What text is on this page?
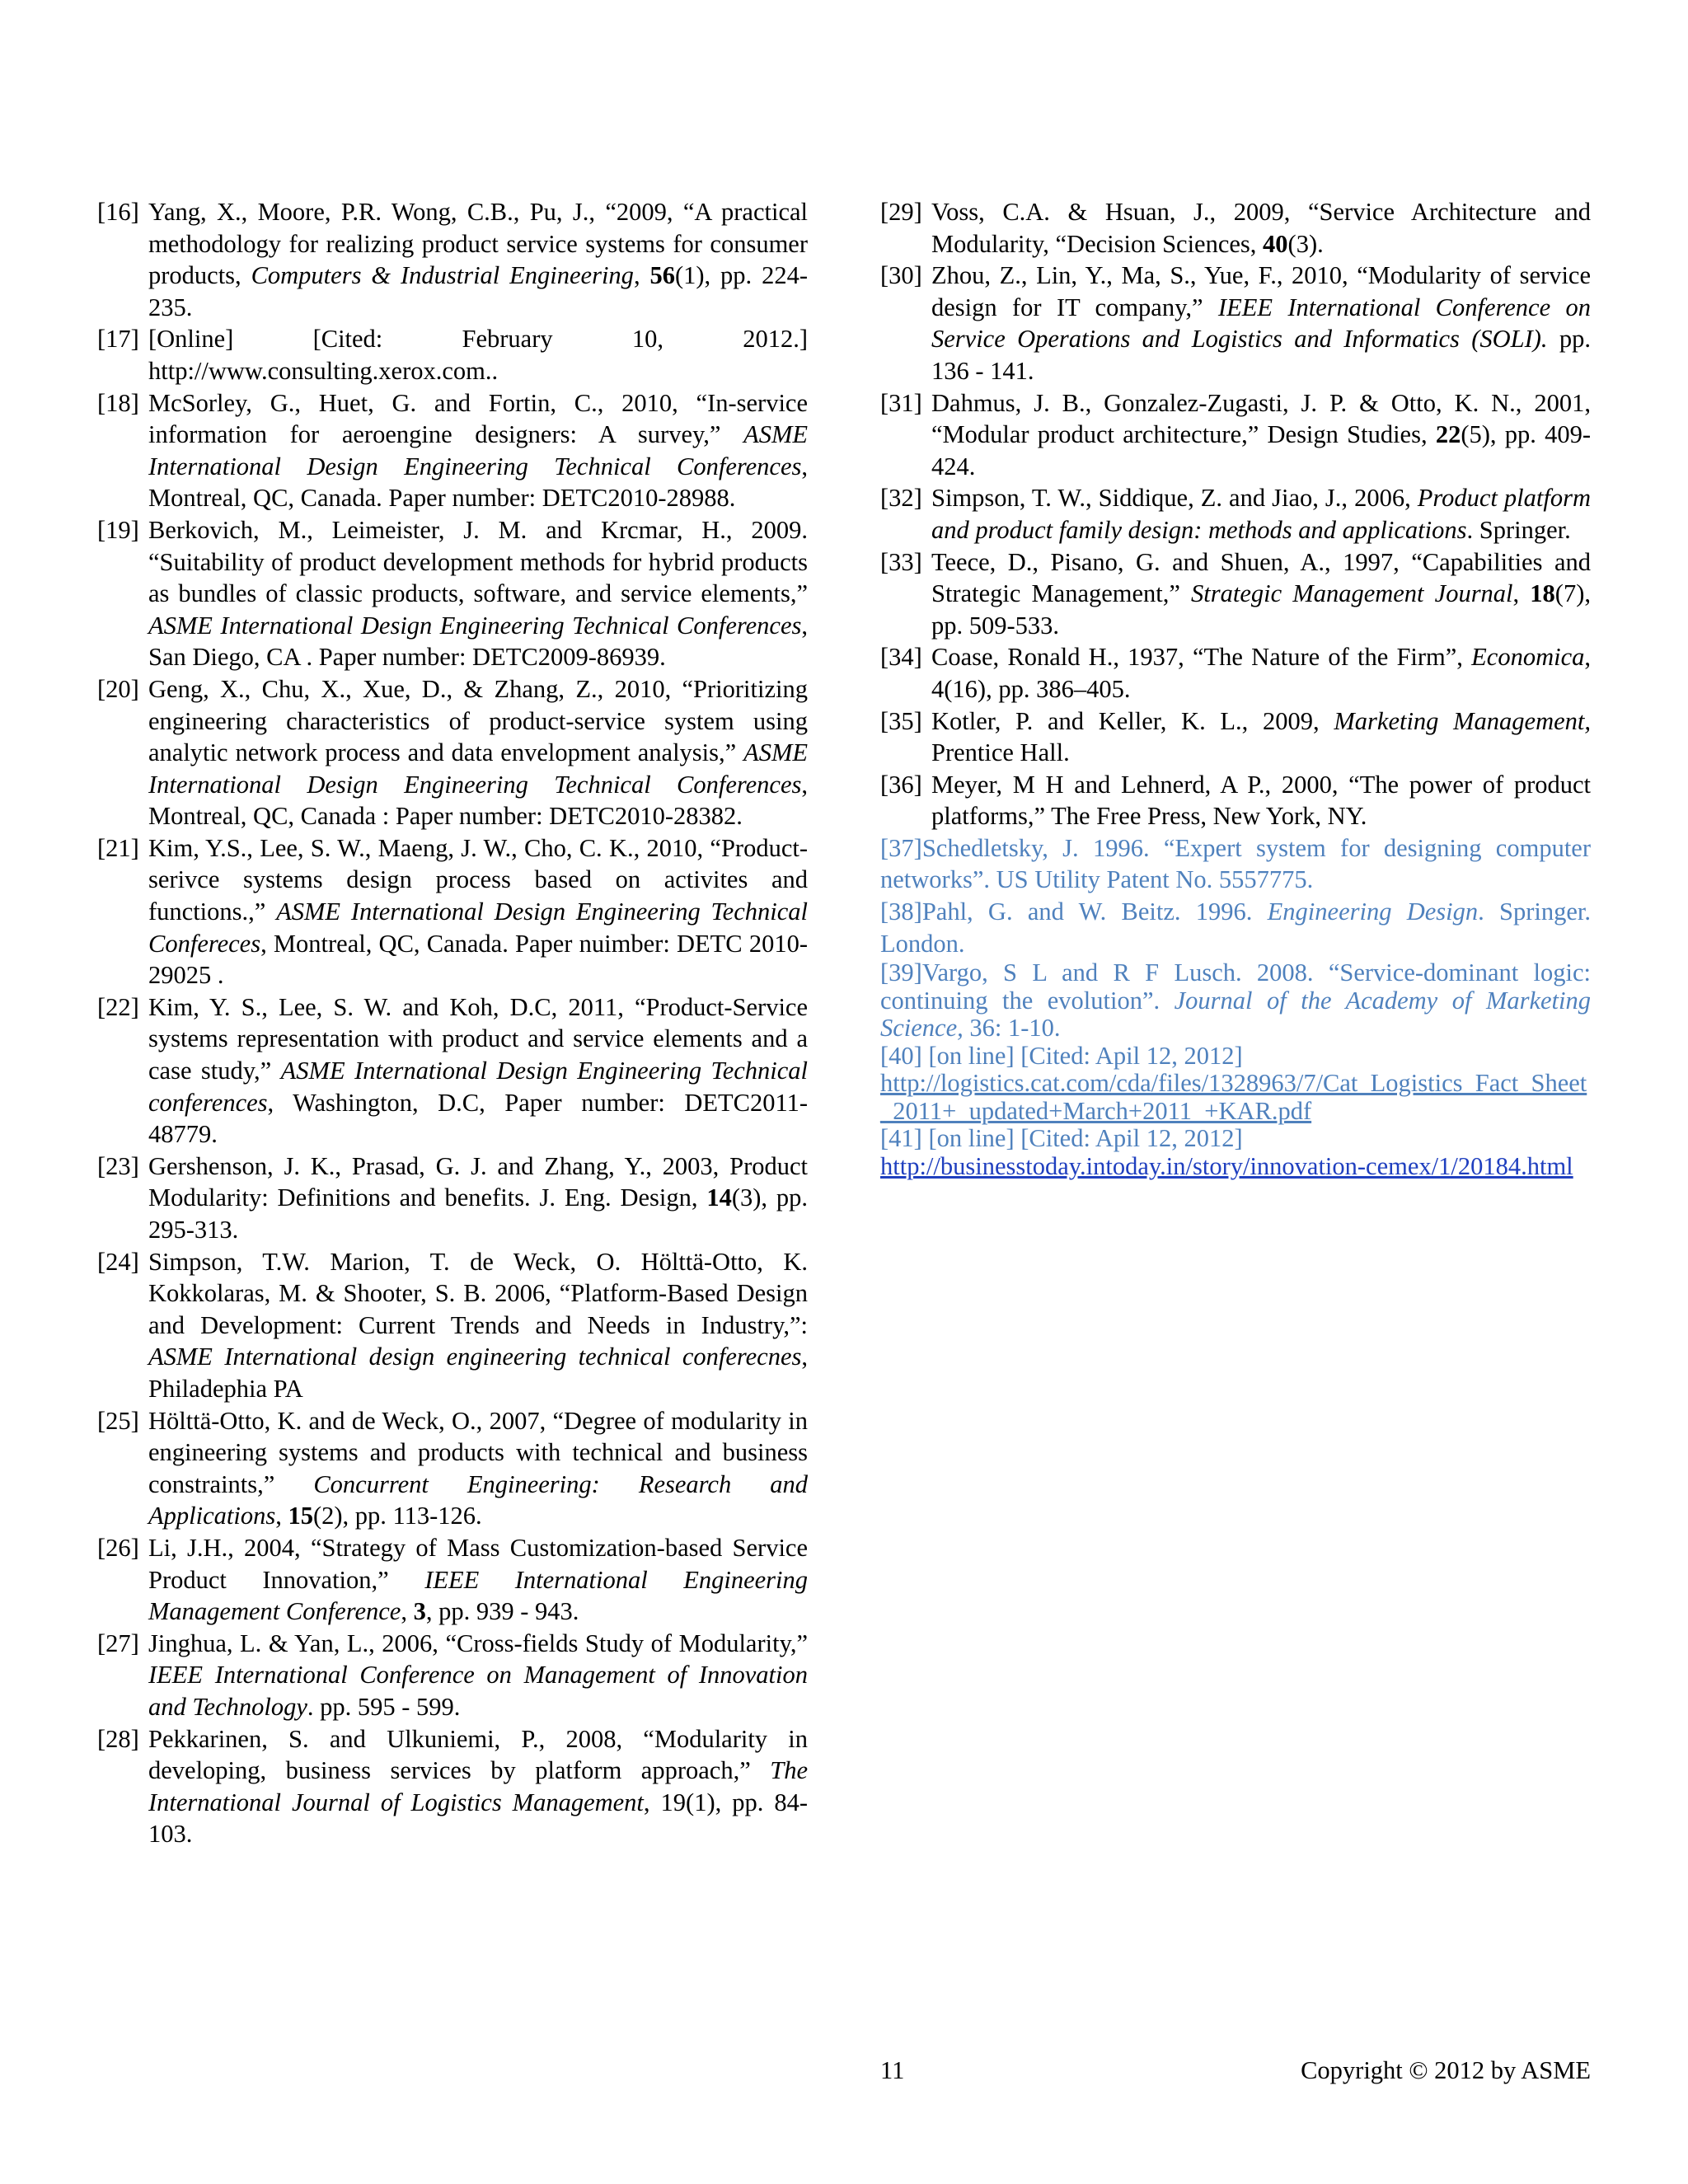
[16] Yang, X., Moore, P.R. Wong, C.B., Pu, J., “2009, “A practical methodology for realizing product service systems for consumer products, Computers & Industrial Engineering, 56(1), pp. 224-235.

[17] [Online] [Cited: February 10, 2012.] http://www.consulting.xerox.com..

[18] McSorley, G., Huet, G. and Fortin, C., 2010, “In-service information for aeroengine designers: A survey,” ASME International Design Engineering Technical Conferences, Montreal, QC, Canada. Paper number: DETC2010-28988.

[19] Berkovich, M., Leimeister, J. M. and Krcmar, H., 2009. “Suitability of product development methods for hybrid products as bundles of classic products, software, and service elements,” ASME International Design Engineering Technical Conferences, San Diego, CA . Paper number: DETC2009-86939.

[20] Geng, X., Chu, X., Xue, D., & Zhang, Z., 2010, “Prioritizing engineering characteristics of product-service system using analytic network process and data envelopment analysis,” ASME International Design Engineering Technical Conferences, Montreal, QC, Canada : Paper number: DETC2010-28382.

[21] Kim, Y.S., Lee, S. W., Maeng, J. W., Cho, C. K., 2010, “Product-serivce systems design process based on activites and functions.,” ASME International Design Engineering Technical Confereces, Montreal, QC, Canada. Paper nuimber: DETC 2010-29025 .

[22] Kim, Y. S., Lee, S. W. and Koh, D.C, 2011, “Product-Service systems representation with product and service elements and a case study,” ASME International Design Engineering Technical conferences, Washington, D.C, Paper number: DETC2011-48779.

[23] Gershenson, J. K., Prasad, G. J. and Zhang, Y., 2003, Product Modularity: Definitions and benefits. J. Eng. Design, 14(3), pp. 295-313.

[24] Simpson, T.W. Marion, T. de Weck, O. Hölttä-Otto, K. Kokkolaras, M. & Shooter, S. B. 2006, “Platform-Based Design and Development: Current Trends and Needs in Industry,”: ASME International design engineering technical conferecnes, Philadephia PA

[25] Hölttä-Otto, K. and de Weck, O., 2007, “Degree of modularity in engineering systems and products with technical and business constraints,” Concurrent Engineering: Research and Applications, 15(2), pp. 113-126.

[26] Li, J.H., 2004, “Strategy of Mass Customization-based Service Product Innovation,” IEEE International Engineering Management Conference, 3, pp. 939 - 943.

[27] Jinghua, L. & Yan, L., 2006, “Cross-fields Study of Modularity,” IEEE International Conference on Management of Innovation and Technology. pp. 595 - 599.

[28] Pekkarinen, S. and Ulkuniemi, P., 2008, “Modularity in developing, business services by platform approach,” The International Journal of Logistics Management, 19(1), pp. 84-103.

[29] Voss, C.A. & Hsuan, J., 2009, “Service Architecture and Modularity, “Decision Sciences, 40(3).

[30] Zhou, Z., Lin, Y., Ma, S., Yue, F., 2010, “Modularity of service design for IT company,” IEEE International Conference on Service Operations and Logistics and Informatics (SOLI). pp. 136 - 141.

[31] Dahmus, J. B., Gonzalez-Zugasti, J. P. & Otto, K. N., 2001, “Modular product architecture,” Design Studies, 22(5), pp. 409-424.

[32] Simpson, T. W., Siddique, Z. and Jiao, J., 2006, Product platform and product family design: methods and applications. Springer.

[33] Teece, D., Pisano, G. and Shuen, A., 1997, “Capabilities and Strategic Management,” Strategic Management Journal, 18(7), pp. 509-533.

[34] Coase, Ronald H., 1937, “The Nature of the Firm”, Economica, 4(16), pp. 386–405.

[35] Kotler, P. and Keller, K. L., 2009, Marketing Management, Prentice Hall.

[36] Meyer, M H and Lehnerd, A P., 2000, “The power of product platforms,” The Free Press, New York, NY.

[37]Schedletsky, J. 1996. “Expert system for designing computer networks”. US Utility Patent No. 5557775.

[38]Pahl, G. and W. Beitz. 1996. Engineering Design. Springer. London.

[39]Vargo, S L and R F Lusch. 2008. “Service-dominant logic: continuing the evolution”. Journal of the Academy of Marketing Science, 36: 1-10.

[40] [on line] [Cited: Apil 12, 2012]
http://logistics.cat.com/cda/files/1328963/7/Cat_Logistics_Fact_Sheet_2011+_updated+March+2011_+KAR.pdf

[41] [on line] [Cited: Apil 12, 2012]
http://businesstoday.intoday.in/story/innovation-cemex/1/20184.html

11	Copyright © 2012 by ASME
